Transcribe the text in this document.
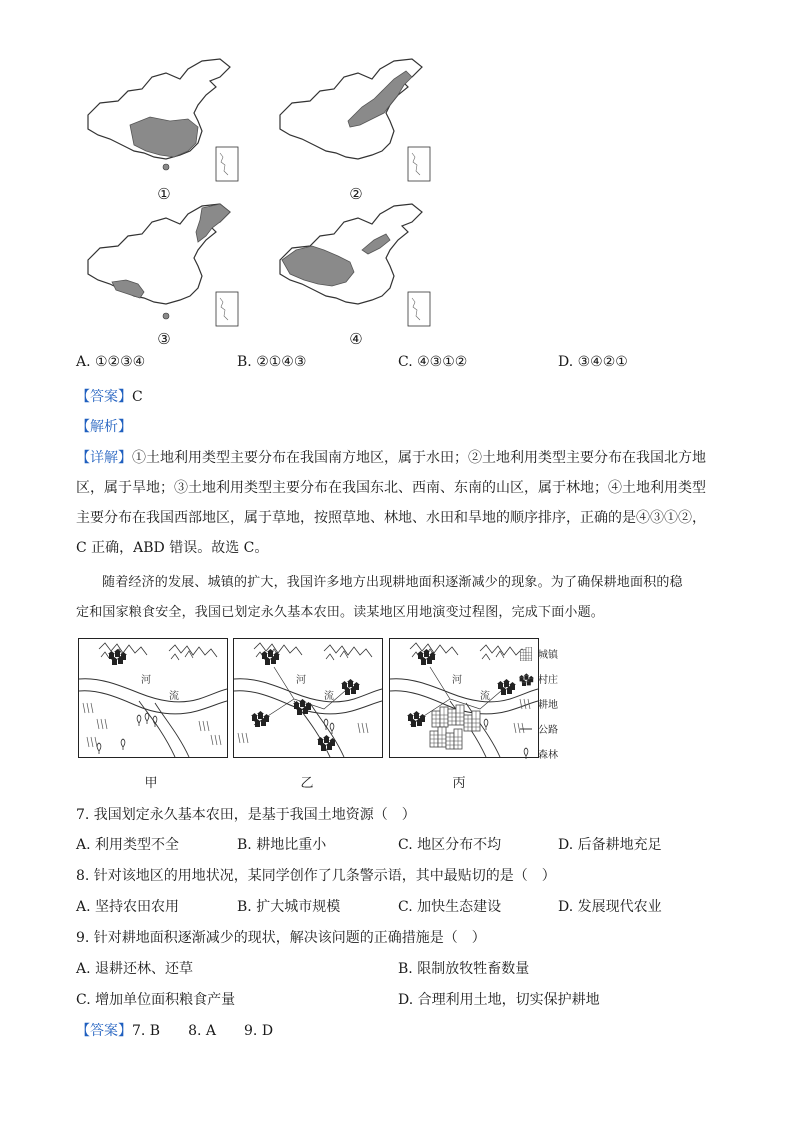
①	②
③	④
A. ①②③④	B. ②①④③	C. ④③①②	D. ③④②①
【答案】C
【解析】

【详解】①土地利用类型主要分布在我国南方地区，属于水田；②土地利用类型主要分布在我国北方地

区，属于旱地；③土地利用类型主要分布在我国东北、西南、东南的山区，属于林地；④土地利用类型

主要分布在我国西部地区，属于草地，按照草地、林地、水田和旱地的顺序排序，正确的是④③①②，

C 正确，ABD 错误。故选 C。

随着经济的发展、城镇的扩大，我国许多地方出现耕地面积逐渐减少的现象。为了确保耕地面积的稳

定和国家粮食安全，我国已划定永久基本农田。读某地区用地演变过程图，完成下面小题。

河
流
甲
河
流
乙
河
流
丙
城镇
村庄
耕地
公路
森林
7. 我国划定永久基本农田，是基于我国土地资源（　）
A. 利用类型不全	B. 耕地比重小	C. 地区分布不均	D. 后备耕地充足
8. 针对该地区的用地状况，某同学创作了几条警示语，其中最贴切的是（　）
A. 坚持农田农用	B. 扩大城市规模	C. 加快生态建设	D. 发展现代农业
9. 针对耕地面积逐渐减少的现状，解决该问题的正确措施是（　）
A. 退耕还林、还草	B. 限制放牧牲畜数量
C. 增加单位面积粮食产量	D. 合理利用土地，切实保护耕地
【答案】7. B　　8. A　　9. D
